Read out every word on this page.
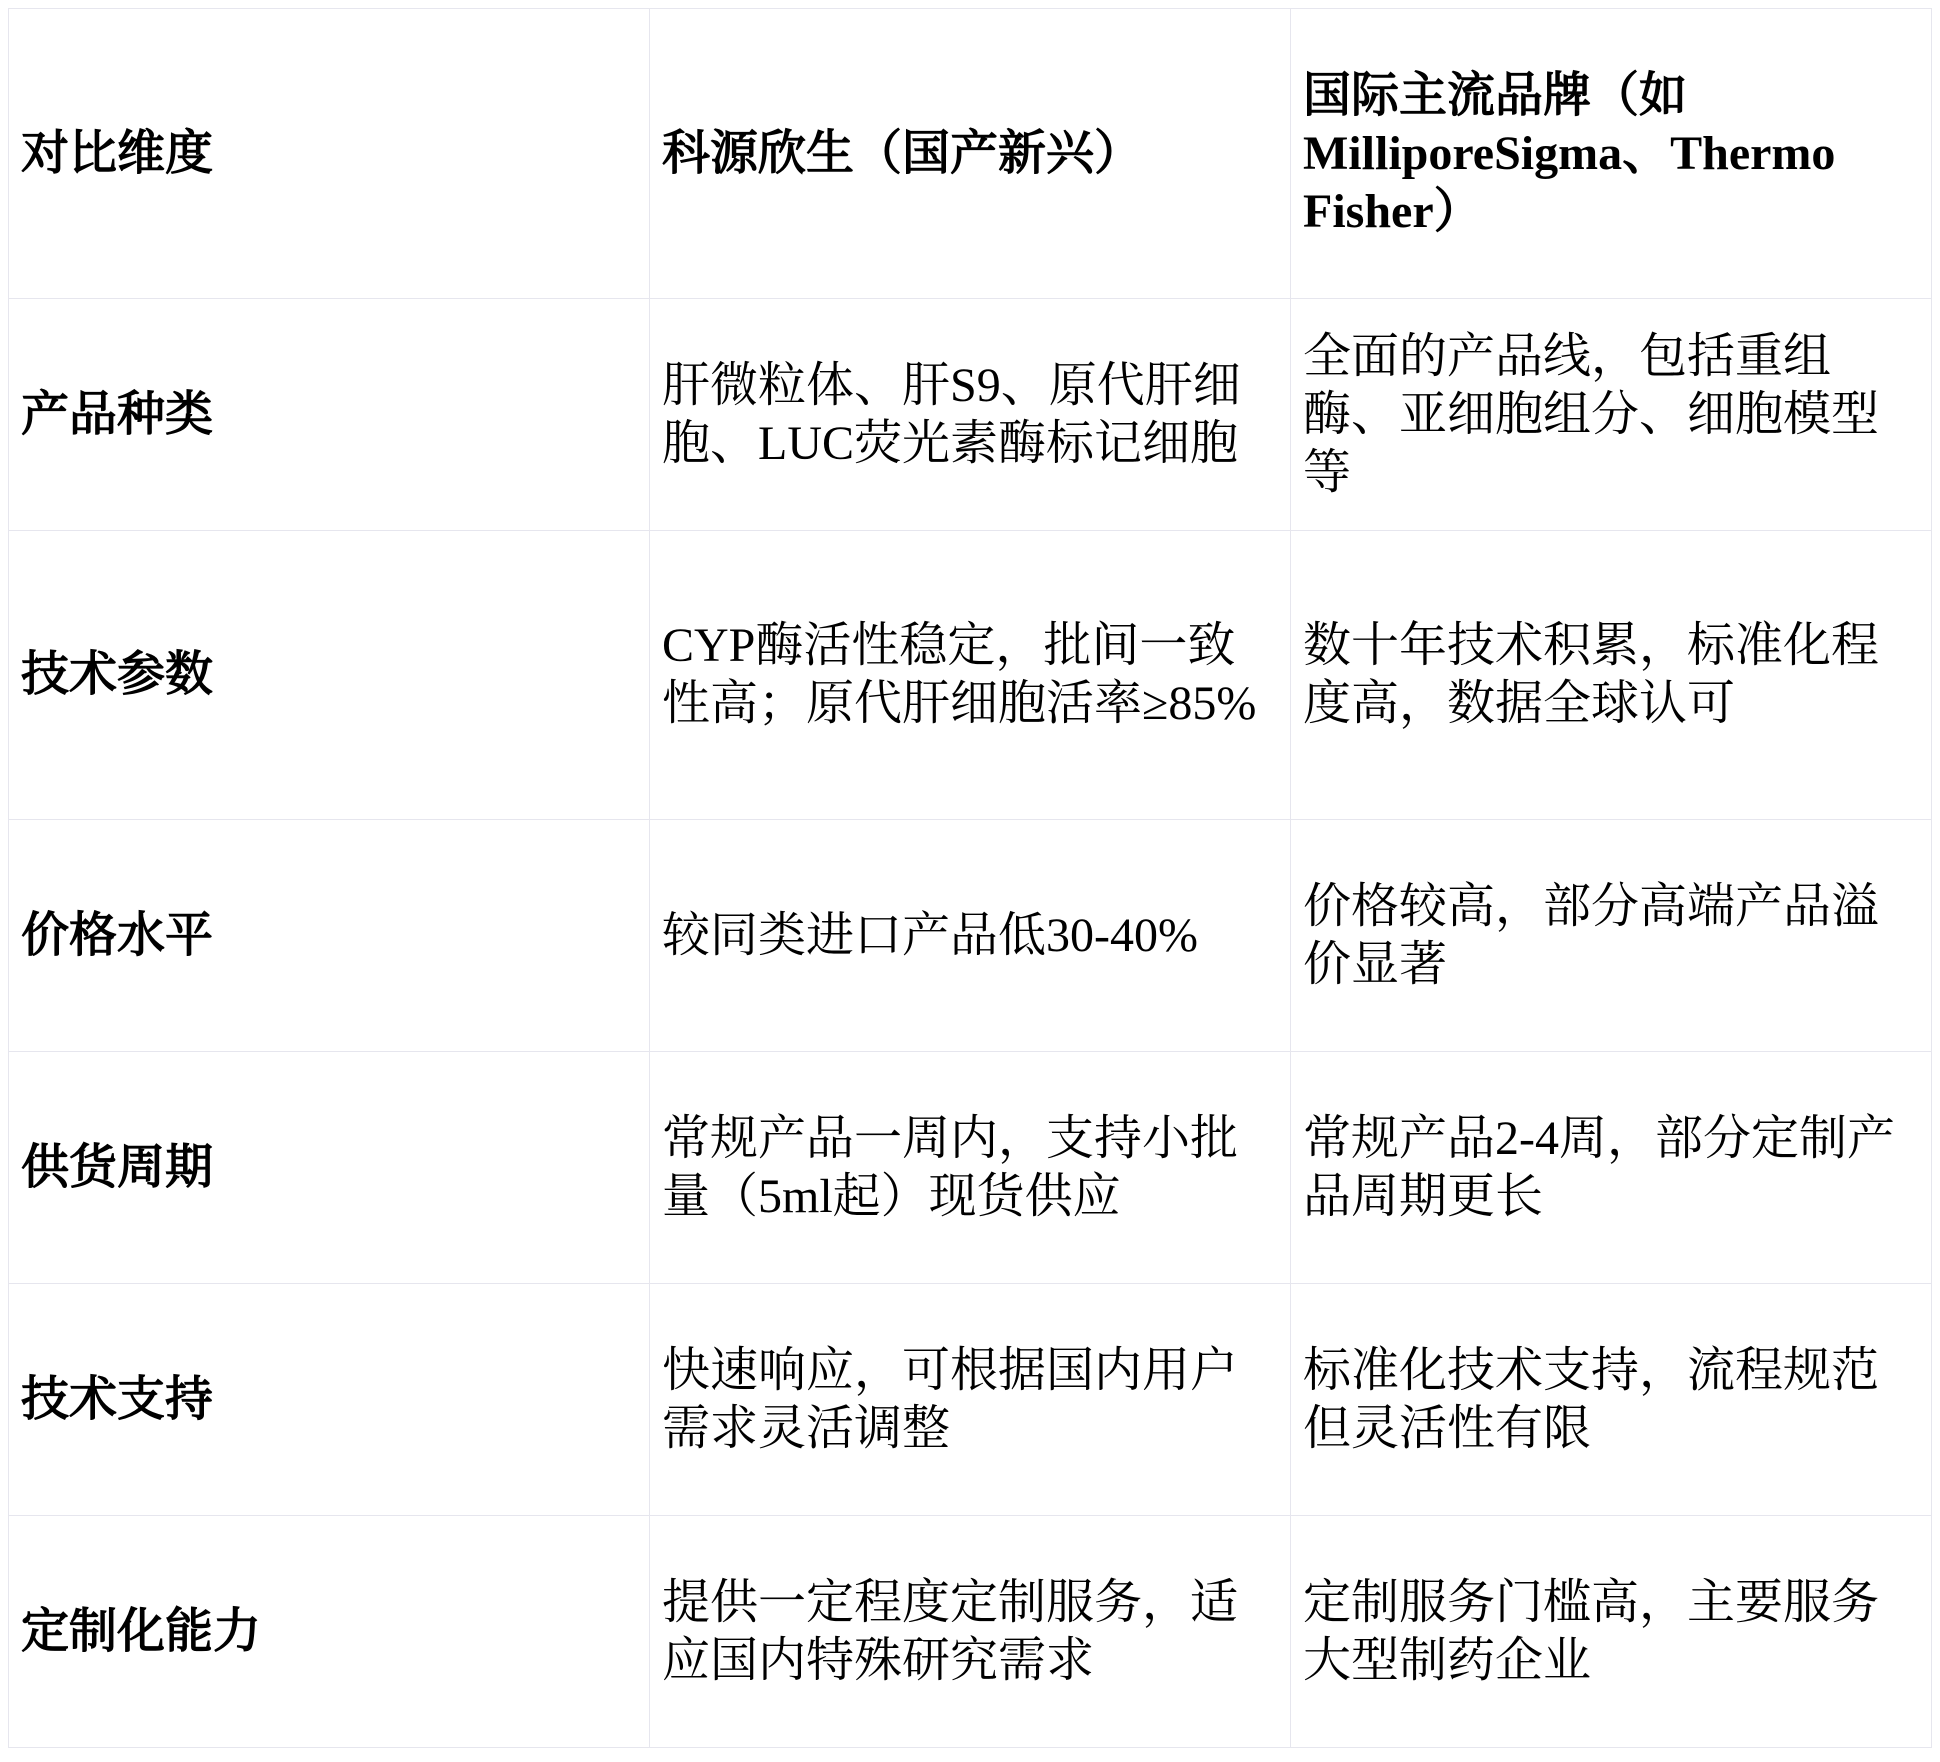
对比维度	科源欣生（国产新兴）	国际主流品牌（如MilliporeSigma、Thermo Fisher）
产品种类	肝微粒体、肝S9、原代肝细胞、LUC荧光素酶标记细胞	全面的产品线，包括重组酶、亚细胞组分、细胞模型等
技术参数	CYP酶活性稳定，批间一致性高；原代肝细胞活率≥85%	数十年技术积累，标准化程度高，数据全球认可
价格水平	较同类进口产品低30-40%	价格较高，部分高端产品溢价显著
供货周期	常规产品一周内，支持小批量（5ml起）现货供应	常规产品2-4周，部分定制产品周期更长
技术支持	快速响应，可根据国内用户需求灵活调整	标准化技术支持，流程规范但灵活性有限
定制化能力	提供一定程度定制服务，适应国内特殊研究需求	定制服务门槛高，主要服务大型制药企业
